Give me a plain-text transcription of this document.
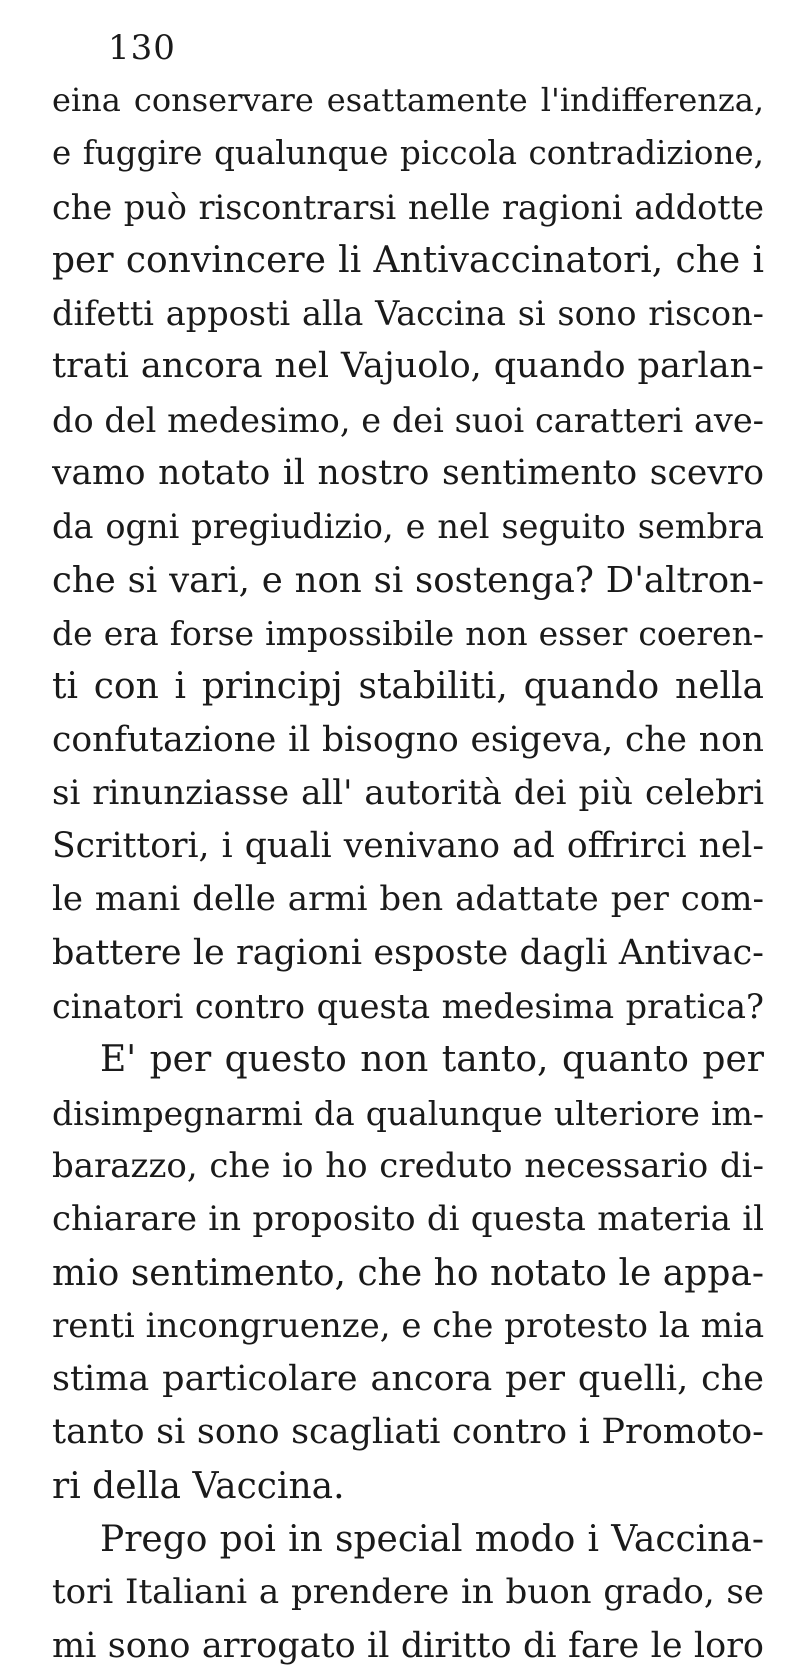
130
eina conservare esattamente l'indifferenza,
e fuggire qualunque piccola contradizione,
che può riscontrarsi nelle ragioni addotte
per convincere li Antivaccinatori, che i
difetti apposti alla Vaccina si sono riscon-
trati ancora nel Vajuolo, quando parlan-
do del medesimo, e dei suoi caratteri ave-
vamo notato il nostro sentimento scevro
da ogni pregiudizio, e nel seguito sembra
che si vari, e non si sostenga? D'altron-
de era forse impossibile non esser coeren-
ti con i principj stabiliti, quando nella
confutazione il bisogno esigeva, che non
si rinunziasse all' autorità dei più celebri
Scrittori, i quali venivano ad offrirci nel-
le mani delle armi ben adattate per com-
battere le ragioni esposte dagli Antivac-
cinatori contro questa medesima pratica?
E' per questo non tanto, quanto per
disimpegnarmi da qualunque ulteriore im-
barazzo, che io ho creduto necessario di-
chiarare in proposito di questa materia il
mio sentimento, che ho notato le appa-
renti incongruenze, e che protesto la mia
stima particolare ancora per quelli, che
tanto si sono scagliati contro i Promoto-
ri della Vaccina.
Prego poi in special modo i Vaccina-
tori Italiani a prendere in buon grado, se
mi sono arrogato il diritto di fare le loro
